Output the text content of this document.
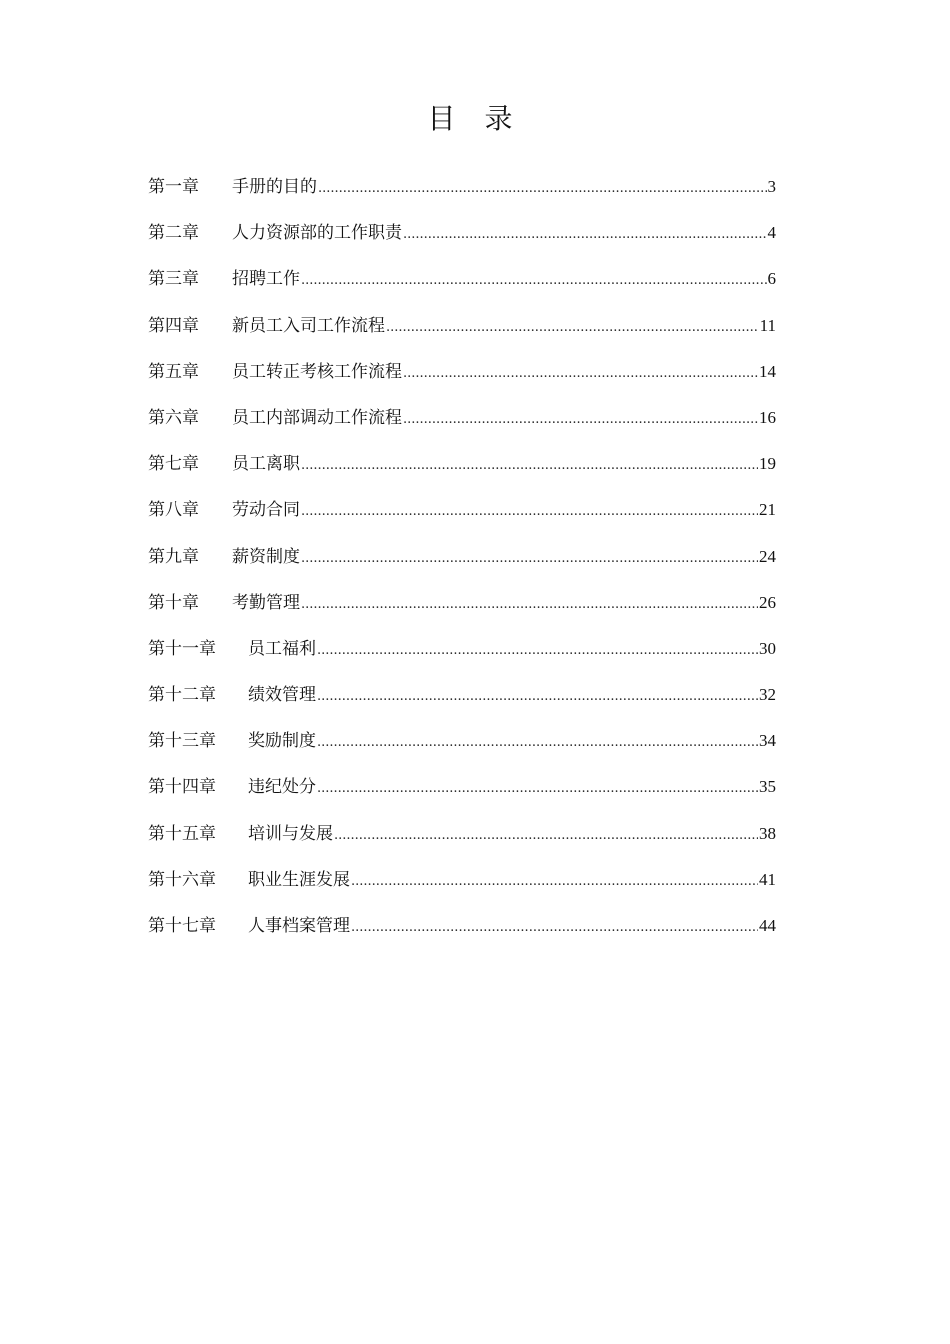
目 录
第一章	手册的目的 .....	3
第二章	人力资源部的工作职责 .....	4
第三章	招聘工作 .....	6
第四章	新员工入司工作流程 .....	11
第五章	员工转正考核工作流程 .....	14
第六章	员工内部调动工作流程 .....	16
第七章	员工离职 .....	19
第八章	劳动合同 .....	21
第九章	薪资制度 .....	24
第十章	考勤管理 .....	26
第十一章	员工福利 .....	30
第十二章	绩效管理 .....	32
第十三章	奖励制度 .....	34
第十四章	违纪处分 .....	35
第十五章	培训与发展 .....	38
第十六章	职业生涯发展 .....	41
第十七章	人事档案管理 .....	44
